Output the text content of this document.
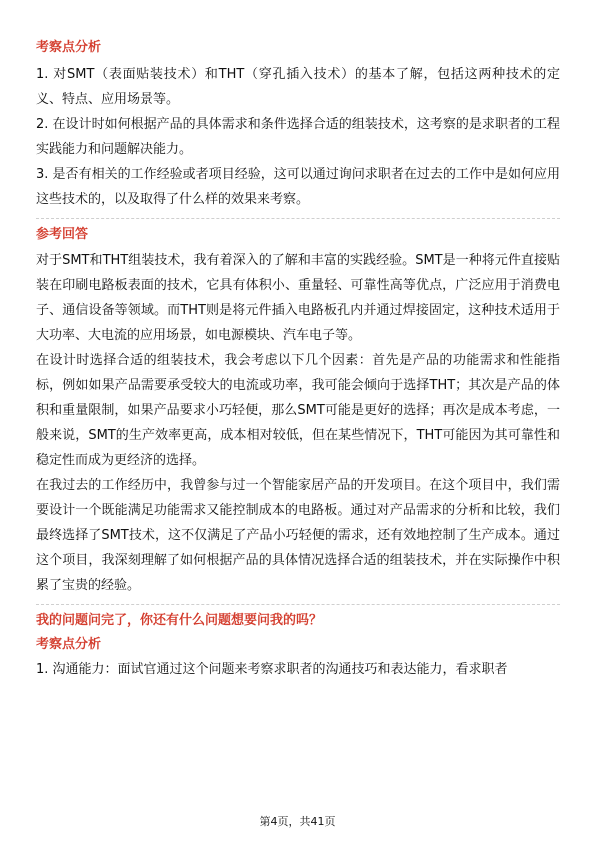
考察点分析

1. 对SMT（表面贴装技术）和THT（穿孔插入技术）的基本了解，包括这两种技术的定义、特点、应用场景等。

2. 在设计时如何根据产品的具体需求和条件选择合适的组装技术，这考察的是求职者的工程实践能力和问题解决能力。

3. 是否有相关的工作经验或者项目经验，这可以通过询问求职者在过去的工作中是如何应用这些技术的，以及取得了什么样的效果来考察。

参考回答

对于SMT和THT组装技术，我有着深入的了解和丰富的实践经验。SMT是一种将元件直接贴装在印刷电路板表面的技术，它具有体积小、重量轻、可靠性高等优点，广泛应用于消费电子、通信设备等领域。而THT则是将元件插入电路板孔内并通过焊接固定，这种技术适用于大功率、大电流的应用场景，如电源模块、汽车电子等。

在设计时选择合适的组装技术，我会考虑以下几个因素：首先是产品的功能需求和性能指标，例如如果产品需要承受较大的电流或功率，我可能会倾向于选择THT；其次是产品的体积和重量限制，如果产品要求小巧轻便，那么SMT可能是更好的选择；再次是成本考虑，一般来说，SMT的生产效率更高，成本相对较低，但在某些情况下，THT可能因为其可靠性和稳定性而成为更经济的选择。

在我过去的工作经历中，我曾参与过一个智能家居产品的开发项目。在这个项目中，我们需要设计一个既能满足功能需求又能控制成本的电路板。通过对产品需求的分析和比较，我们最终选择了SMT技术，这不仅满足了产品小巧轻便的需求，还有效地控制了生产成本。通过这个项目，我深刻理解了如何根据产品的具体情况选择合适的组装技术，并在实际操作中积累了宝贵的经验。

我的问题问完了，你还有什么问题想要问我的吗？

考察点分析

1. 沟通能力：面试官通过这个问题来考察求职者的沟通技巧和表达能力，看求职者

第4页，共41页
